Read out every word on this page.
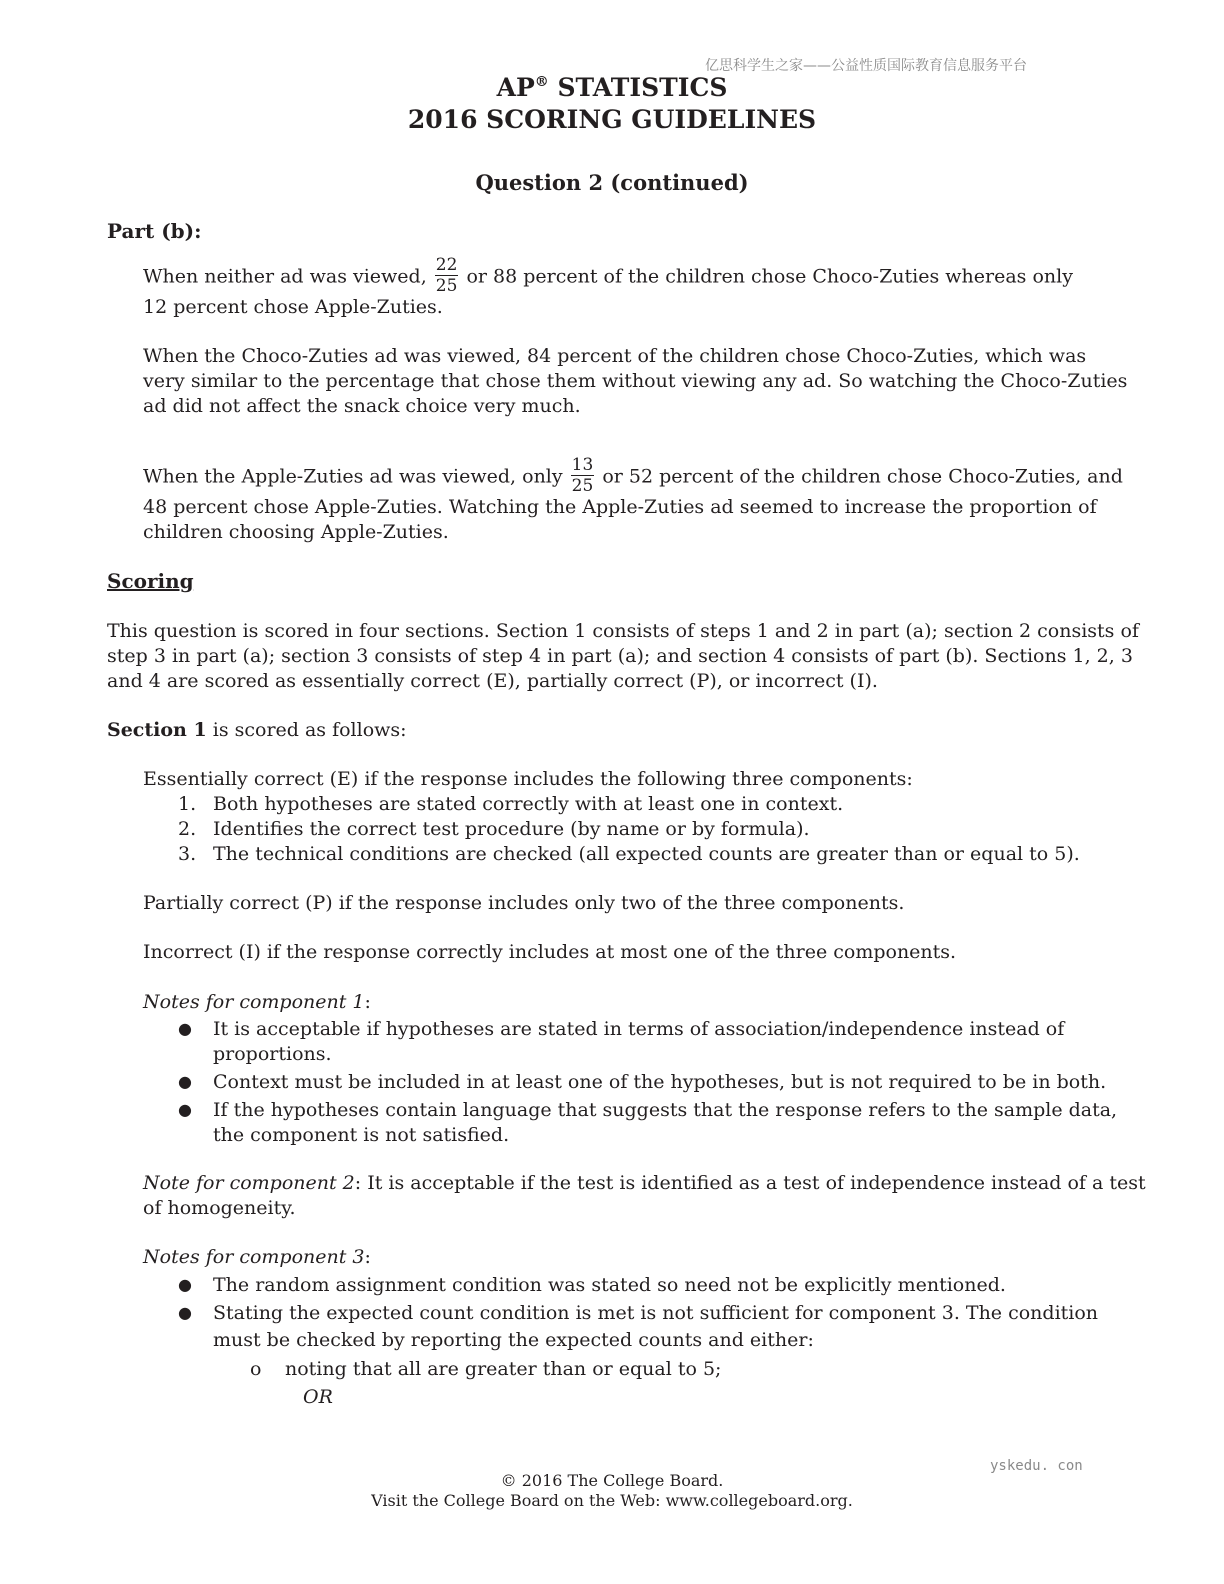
亿思科学生之家——公益性质国际教育信息服务平台
AP® STATISTICS
2016 SCORING GUIDELINES
Question 2 (continued)
Part (b):
When neither ad was viewed, $\frac{22}{25}$ or 88 percent of the children chose Choco-Zuties whereas only
12 percent chose Apple-Zuties.
When the Choco-Zuties ad was viewed, 84 percent of the children chose Choco-Zuties, which was
very similar to the percentage that chose them without viewing any ad. So watching the Choco-Zuties
ad did not affect the snack choice very much.
When the Apple-Zuties ad was viewed, only $\frac{13}{25}$ or 52 percent of the children chose Choco-Zuties, and
48 percent chose Apple-Zuties. Watching the Apple-Zuties ad seemed to increase the proportion of
children choosing Apple-Zuties.
Scoring
This question is scored in four sections. Section 1 consists of steps 1 and 2 in part (a); section 2 consists of
step 3 in part (a); section 3 consists of step 4 in part (a); and section 4 consists of part (b). Sections 1, 2, 3
and 4 are scored as essentially correct (E), partially correct (P), or incorrect (I).
Section 1 is scored as follows:
Essentially correct (E) if the response includes the following three components:
1. Both hypotheses are stated correctly with at least one in context.
2. Identifies the correct test procedure (by name or by formula).
3. The technical conditions are checked (all expected counts are greater than or equal to 5).
Partially correct (P) if the response includes only two of the three components.
Incorrect (I) if the response correctly includes at most one of the three components.
Notes for component 1:
● It is acceptable if hypotheses are stated in terms of association/independence instead of
proportions.
● Context must be included in at least one of the hypotheses, but is not required to be in both.
● If the hypotheses contain language that suggests that the response refers to the sample data,
the component is not satisfied.
Note for component 2: It is acceptable if the test is identified as a test of independence instead of a test
of homogeneity.
Notes for component 3:
● The random assignment condition was stated so need not be explicitly mentioned.
● Stating the expected count condition is met is not sufficient for component 3. The condition
must be checked by reporting the expected counts and either:
o noting that all are greater than or equal to 5;
OR
yskedu. con
© 2016 The College Board.
Visit the College Board on the Web: www.collegeboard.org.
